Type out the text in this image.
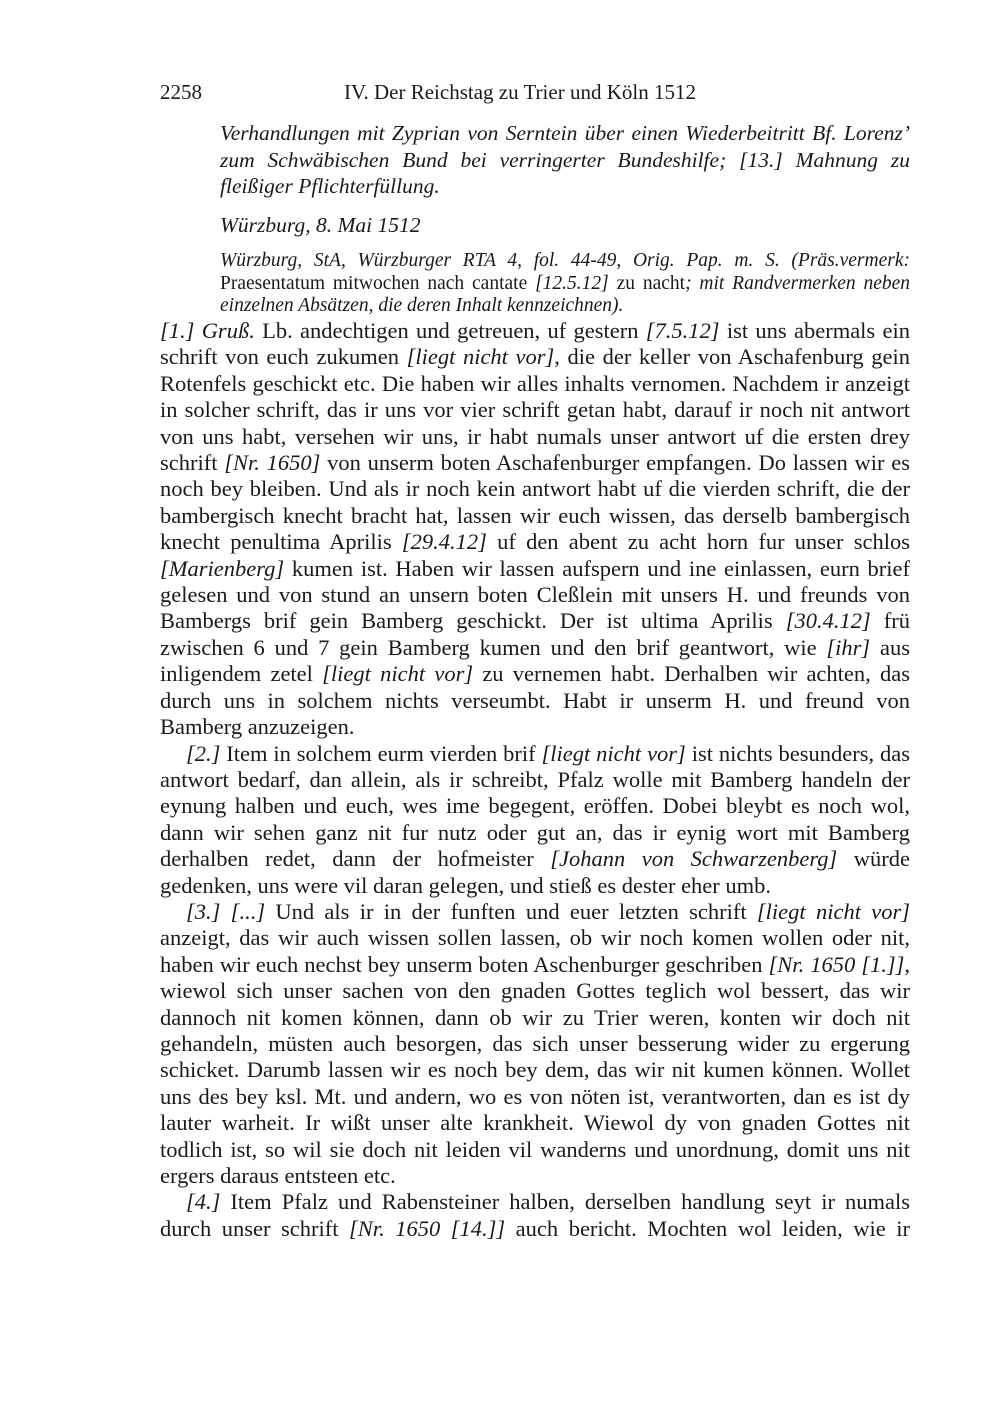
2258	IV. Der Reichstag zu Trier und Köln 1512

Verhandlungen mit Zyprian von Serntein über einen Wiederbeitritt Bf. Lorenz’ zum Schwäbischen Bund bei verringerter Bundeshilfe; [13.] Mahnung zu fleißiger Pflichterfüllung.

Würzburg, 8. Mai 1512

Würzburg, StA, Würzburger RTA 4, fol. 44-49, Orig. Pap. m. S. (Präs.vermerk: Praesentatum mitwochen nach cantate [12.5.12] zu nacht; mit Randvermerken neben einzelnen Absätzen, die deren Inhalt kennzeichnen).

[1.] Gruß. Lb. andechtigen und getreuen, uf gestern [7.5.12] ist uns abermals ein schrift von euch zukumen [liegt nicht vor], die der keller von Aschafenburg gein Rotenfels geschickt etc. Die haben wir alles inhalts vernomen. Nachdem ir anzeigt in solcher schrift, das ir uns vor vier schrift getan habt, darauf ir noch nit antwort von uns habt, versehen wir uns, ir habt numals unser antwort uf die ersten drey schrift [Nr. 1650] von unserm boten Aschafenburger empfangen. Do lassen wir es noch bey bleiben. Und als ir noch kein antwort habt uf die vierden schrift, die der bambergisch knecht bracht hat, lassen wir euch wissen, das derselb bambergisch knecht penultima Aprilis [29.4.12] uf den abent zu acht horn fur unser schlos [Marienberg] kumen ist. Haben wir lassen aufspern und ine einlassen, eurn brief gelesen und von stund an unsern boten Cleßlein mit unsers H. und freunds von Bambergs brif gein Bamberg geschickt. Der ist ultima Aprilis [30.4.12] frü zwischen 6 und 7 gein Bamberg kumen und den brif geantwort, wie [ihr] aus inligendem zetel [liegt nicht vor] zu vernemen habt. Derhalben wir achten, das durch uns in solchem nichts verseumbt. Habt ir unserm H. und freund von Bamberg anzuzeigen.

[2.] Item in solchem eurm vierden brif [liegt nicht vor] ist nichts besunders, das antwort bedarf, dan allein, als ir schreibt, Pfalz wolle mit Bamberg handeln der eynung halben und euch, wes ime begegent, eröffen. Dobei bleybt es noch wol, dann wir sehen ganz nit fur nutz oder gut an, das ir eynig wort mit Bamberg derhalben redet, dann der hofmeister [Johann von Schwarzenberg] würde gedenken, uns were vil daran gelegen, und stieß es dester eher umb.

[3.] [...] Und als ir in der funften und euer letzten schrift [liegt nicht vor] anzeigt, das wir auch wissen sollen lassen, ob wir noch komen wollen oder nit, haben wir euch nechst bey unserm boten Aschenburger geschriben [Nr. 1650 [1.]], wiewol sich unser sachen von den gnaden Gottes teglich wol bessert, das wir dannoch nit komen können, dann ob wir zu Trier weren, konten wir doch nit gehandeln, müsten auch besorgen, das sich unser besserung wider zu ergerung schicket. Darumb lassen wir es noch bey dem, das wir nit kumen können. Wollet uns des bey ksl. Mt. und andern, wo es von nöten ist, verantworten, dan es ist dy lauter warheit. Ir wißt unser alte krankheit. Wiewol dy von gnaden Gottes nit todlich ist, so wil sie doch nit leiden vil wanderns und unordnung, domit uns nit ergers daraus entsteen etc.

[4.] Item Pfalz und Rabensteiner halben, derselben handlung seyt ir numals durch unser schrift [Nr. 1650 [14.]] auch bericht. Mochten wol leiden, wie ir
